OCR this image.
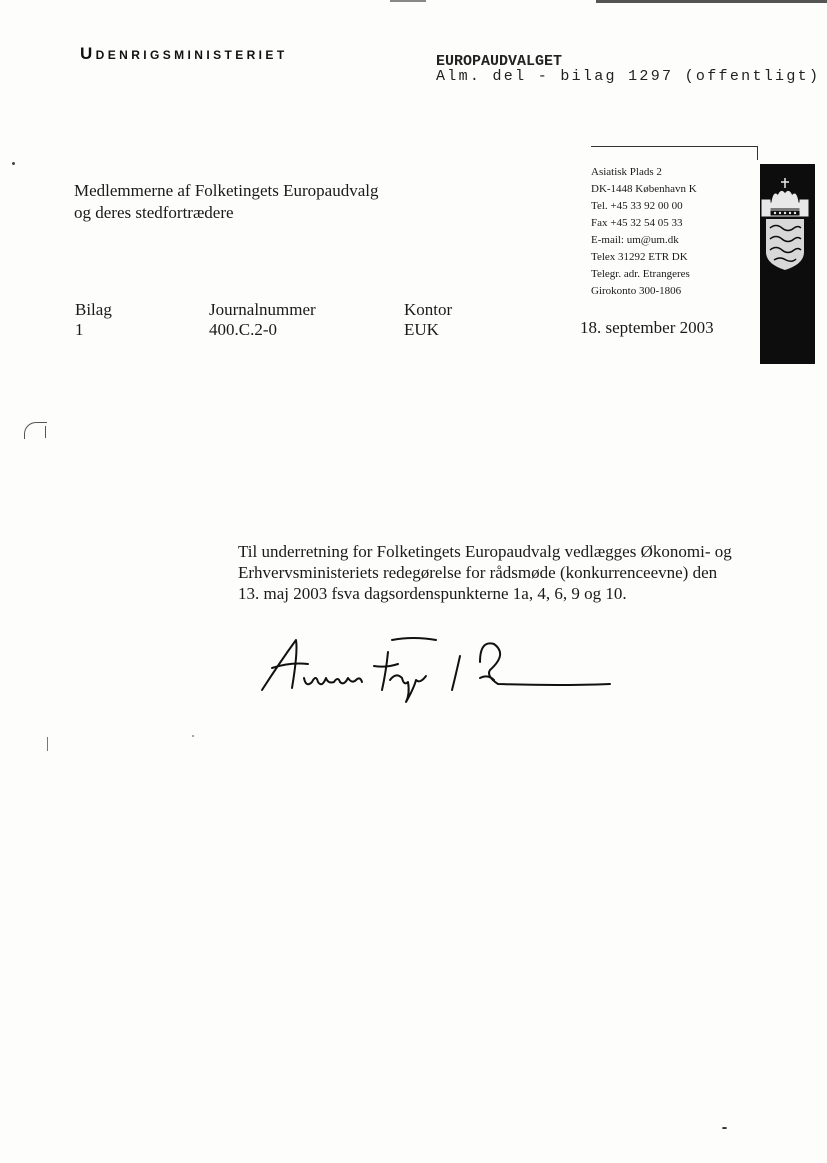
Udenrigsministeriet	EUROPAUDVALGET
Alm. del - bilag 1297 (offentligt)
Medlemmerne af Folketingets Europaudvalg
og deres stedfortrædere
Asiatisk Plads 2
DK-1448 København K
Tel. +45 33 92 00 00
Fax +45 32 54 05 33
E-mail: um@um.dk
Telex 31292 ETR DK
Telegr. adr. Etrangeres
Girokonto 300-1806
Bilag
1
Journalnummer
400.C.2-0
Kontor
EUK	18. september 2003
Til underretning for Folketingets Europaudvalg vedlægges Økonomi- og
Erhvervsministeriets redegørelse for rådsmøde (konkurrenceevne) den
13. maj 2003 fsva dagsordenspunkterne 1a, 4, 6, 9 og 10.
